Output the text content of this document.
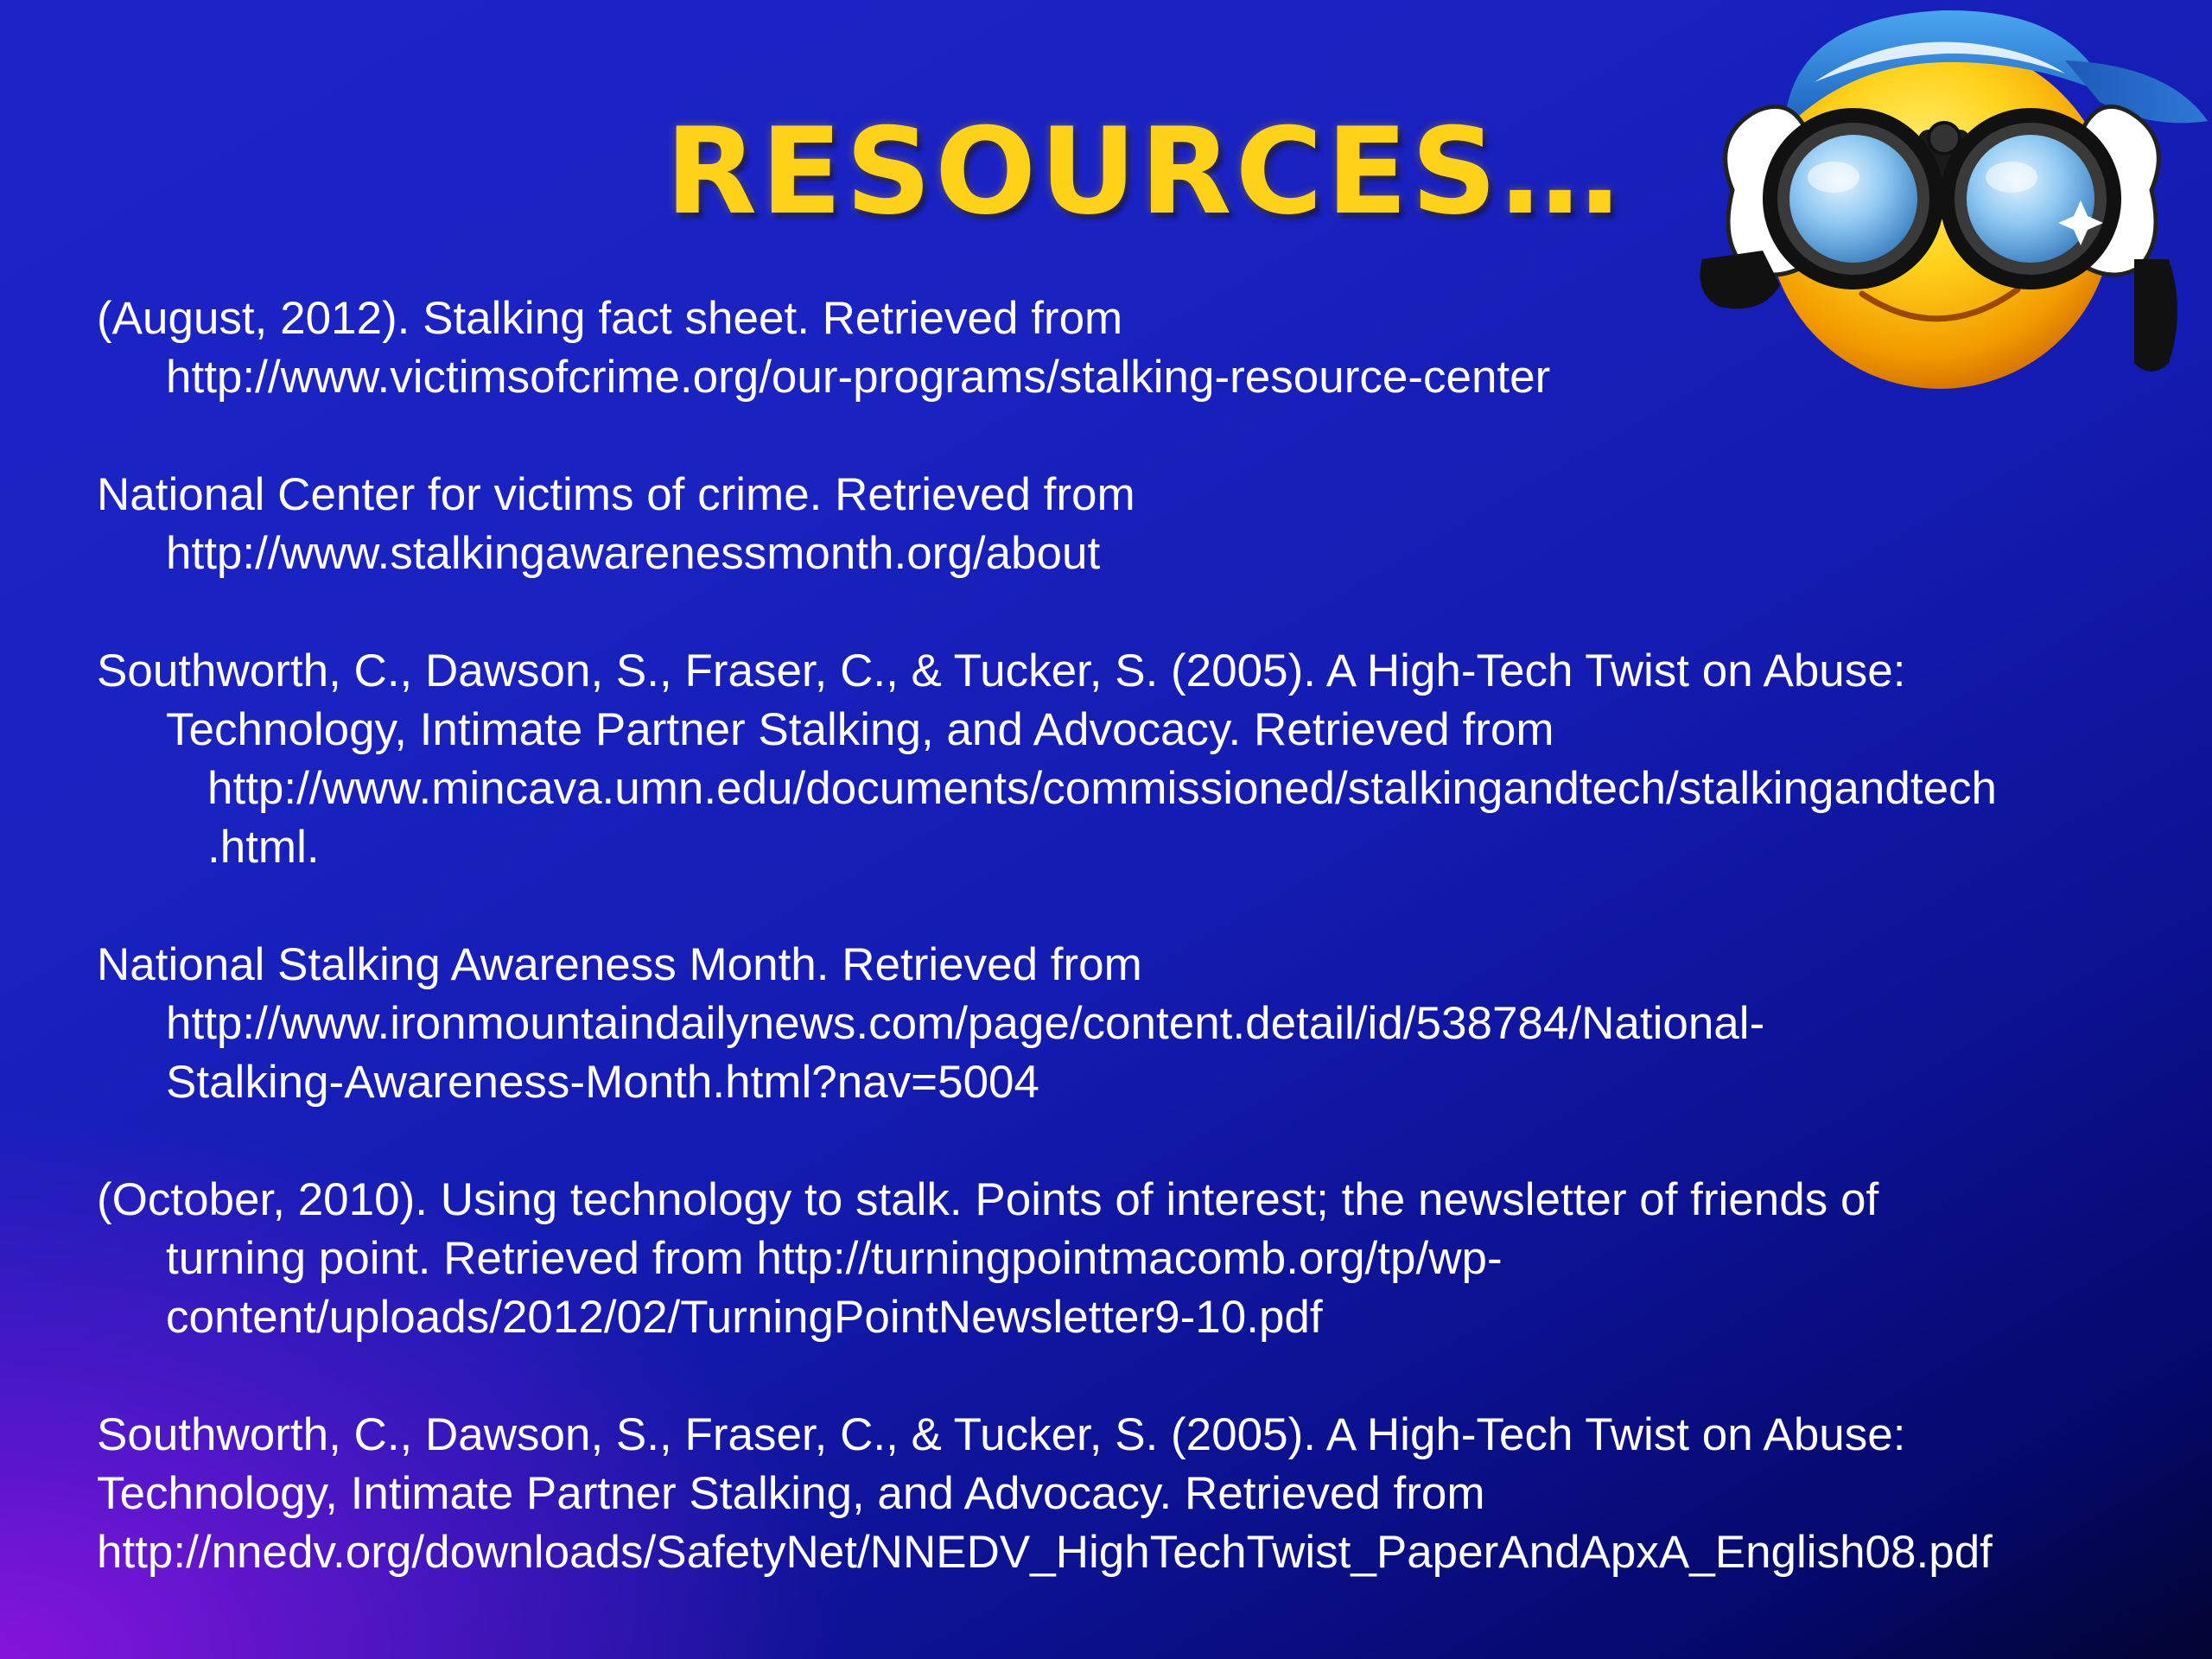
RESOURCES…
(August, 2012). Stalking fact sheet. Retrieved from
http://www.victimsofcrime.org/our-programs/stalking-resource-center
National Center for victims of crime. Retrieved from
http://www.stalkingawarenessmonth.org/about
Southworth, C., Dawson, S., Fraser, C., & Tucker, S. (2005). A High-Tech Twist on Abuse:
Technology, Intimate Partner Stalking, and Advocacy. Retrieved from
http://www.mincava.umn.edu/documents/commissioned/stalkingandtech/stalkingandtech
.html.
National Stalking Awareness Month. Retrieved from
http://www.ironmountaindailynews.com/page/content.detail/id/538784/National-
Stalking-Awareness-Month.html?nav=5004
(October, 2010). Using technology to stalk. Points of interest; the newsletter of friends of
turning point. Retrieved from http://turningpointmacomb.org/tp/wp-
content/uploads/2012/02/TurningPointNewsletter9-10.pdf
Southworth, C., Dawson, S., Fraser, C., & Tucker, S. (2005). A High-Tech Twist on Abuse:
Technology, Intimate Partner Stalking, and Advocacy. Retrieved from
http://nnedv.org/downloads/SafetyNet/NNEDV_HighTechTwist_PaperAndApxA_English08.pdf
